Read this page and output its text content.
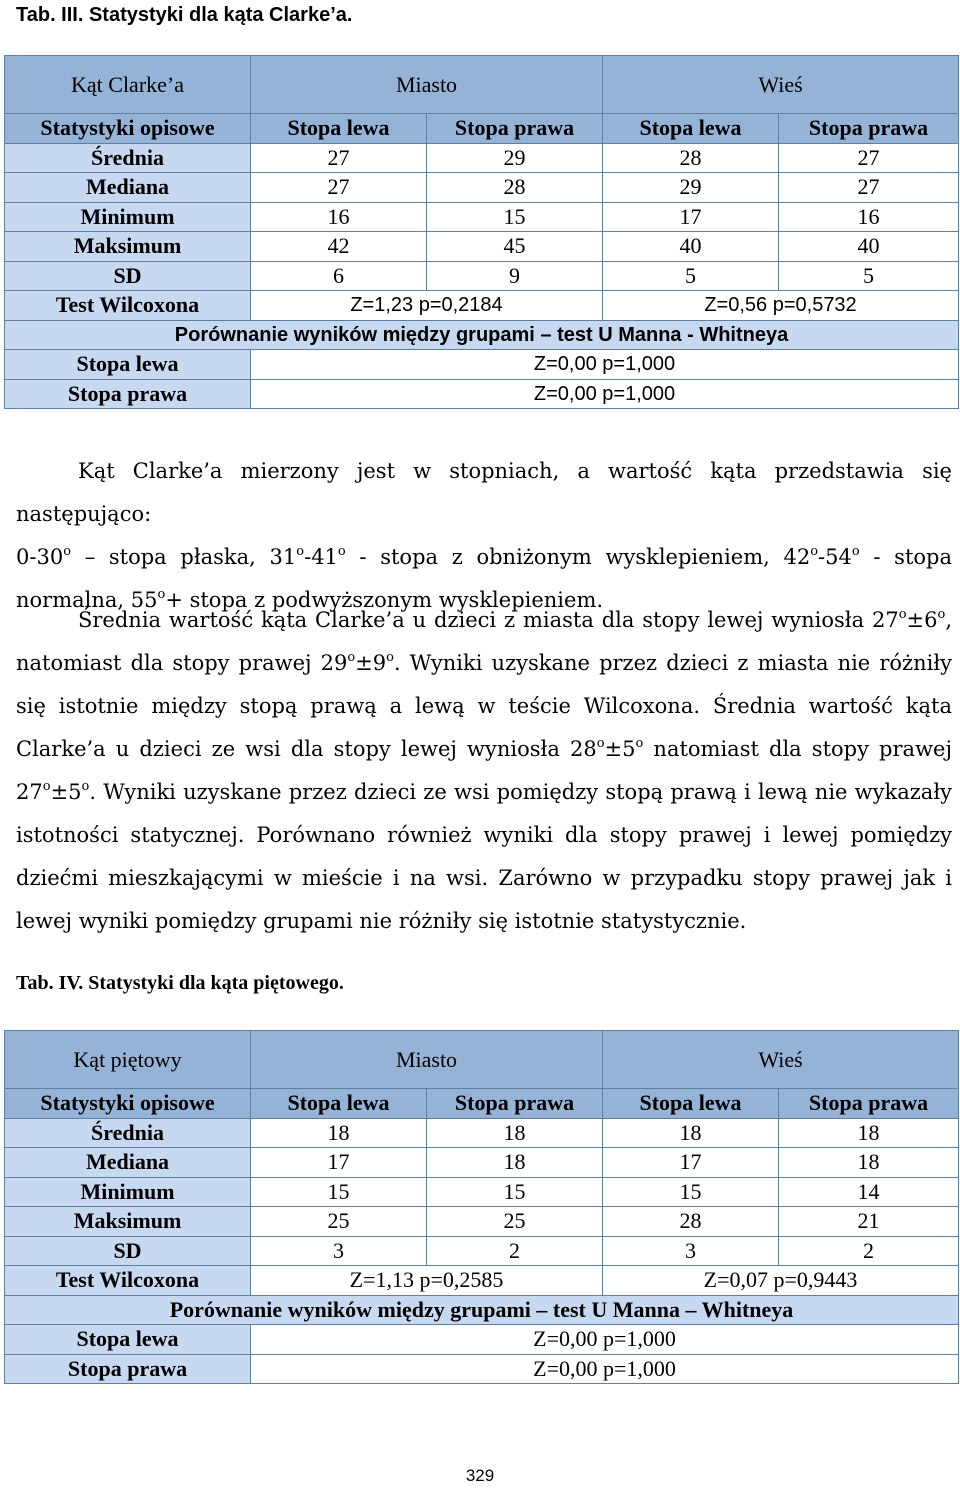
Tab. III. Statystyki dla kąta Clarke’a.
Kąt Clarke’a	Miasto		Wieś	
Statystyki opisowe	Stopa lewa	Stopa prawa	Stopa lewa	Stopa prawa
Średnia	27	29	28	27
Mediana	27	28	29	27
Minimum	16	15	17	16
Maksimum	42	45	40	40
SD	6	9	5	5
Test Wilcoxona	Z=1,23 p=0,2184		Z=0,56 p=0,5732	
Porównanie wyników między grupami – test U Manna - Whitneya				
Stopa lewa	Z=0,00 p=1,000			
Stopa prawa	Z=0,00 p=1,000			

Kąt Clarke’a mierzony jest w stopniach, a wartość kąta przedstawia się następująco:

0-30$^o$ – stopa płaska, 31$^o$-41$^o$ - stopa z obniżonym wysklepieniem, 42$^o$-54$^o$ - stopa normalna, $55^o+$ stopa z podwyższonym wysklepieniem.

Średnia wartość kąta Clarke’a u dzieci z miasta dla stopy lewej wyniosła $27^o\pm 6^o$, natomiast dla stopy prawej $29^o\pm 9^o$. Wyniki uzyskane przez dzieci z miasta nie różniły się istotnie między stopą prawą a lewą w teście Wilcoxona. Średnia wartość kąta Clarke’a u dzieci ze wsi dla stopy lewej wyniosła $28^o\pm 5^o$ natomiast dla stopy prawej $27^o\pm 5^o$. Wyniki uzyskane przez dzieci ze wsi pomiędzy stopą prawą i lewą nie wykazały istotności statycznej. Porównano również wyniki dla stopy prawej i lewej pomiędzy dziećmi mieszkającymi w mieście i na wsi. Zarówno w przypadku stopy prawej jak i lewej wyniki pomiędzy grupami nie różniły się istotnie statystycznie.

Tab. IV. Statystyki dla kąta piętowego.
Kąt piętowy	Miasto		Wieś	
Statystyki opisowe	Stopa lewa	Stopa prawa	Stopa lewa	Stopa prawa
Średnia	18	18	18	18
Mediana	17	18	17	18
Minimum	15	15	15	14
Maksimum	25	25	28	21
SD	3	2	3	2
Test Wilcoxona	Z=1,13 p=0,2585		Z=0,07 p=0,9443	
Porównanie wyników między grupami – test U Manna – Whitneya				
Stopa lewa	Z=0,00 p=1,000			
Stopa prawa	Z=0,00 p=1,000			
329
